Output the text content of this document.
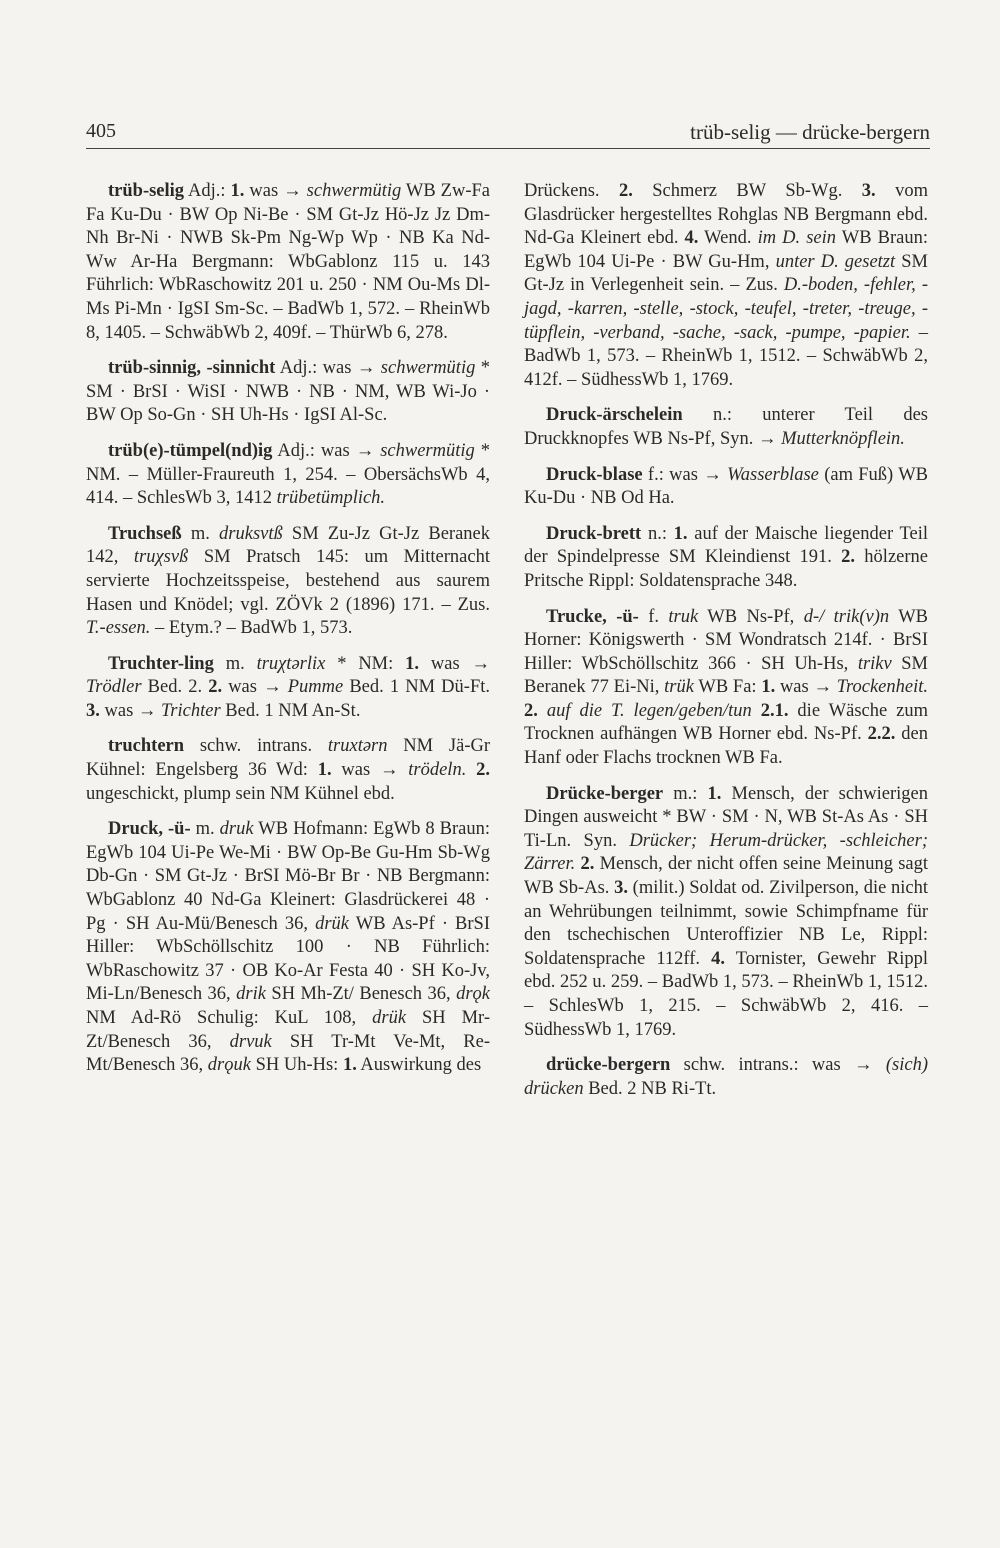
405	trüb-selig — drücke-bergern

trüb-selig Adj.: 1. was → schwermütig WB Zw-Fa Fa Ku-Du · BW Op Ni-Be · SM Gt-Jz Hö-Jz Jz Dm-Nh Br-Ni · NWB Sk-Pm Ng-Wp Wp · NB Ka Nd-Ww Ar-Ha Bergmann: WbGablonz 115 u. 143 Führlich: WbRaschowitz 201 u. 250 · NM Ou-Ms Dl-Ms Pi-Mn · IgSI Sm-Sc. – BadWb 1, 572. – RheinWb 8, 1405. – SchwäbWb 2, 409f. – ThürWb 6, 278.

trüb-sinnig, -sinnicht Adj.: was → schwermütig * SM · BrSI · WiSI · NWB · NB · NM, WB Wi-Jo · BW Op So-Gn · SH Uh-Hs · IgSI Al-Sc.

trüb(e)-tümpel(nd)ig Adj.: was → schwermütig * NM. – Müller-Fraureuth 1, 254. – ObersächsWb 4, 414. – SchlesWb 3, 1412 trübetümplich.

Truchseß m. druksvtß SM Zu-Jz Gt-Jz Beranek 142, truχsvß SM Pratsch 145: um Mitternacht servierte Hochzeitsspeise, bestehend aus saurem Hasen und Knödel; vgl. ZÖVk 2 (1896) 171. – Zus. T.-essen. – Etym.? – BadWb 1, 573.

Truchter-ling m. truχtərlix * NM: 1. was → Trödler Bed. 2. 2. was → Pumme Bed. 1 NM Dü-Ft. 3. was → Trichter Bed. 1 NM An-St.

truchtern schw. intrans. truxtərn NM Jä-Gr Kühnel: Engelsberg 36 Wd: 1. was → trödeln. 2. ungeschickt, plump sein NM Kühnel ebd.

Druck, -ü- m. druk WB Hofmann: EgWb 8 Braun: EgWb 104 Ui-Pe We-Mi · BW Op-Be Gu-Hm Sb-Wg Db-Gn · SM Gt-Jz · BrSI Mö-Br Br · NB Bergmann: WbGablonz 40 Nd-Ga Kleinert: Glasdrückerei 48 · Pg · SH Au-Mü/Benesch 36, drük WB As-Pf · BrSI Hiller: WbSchöllschitz 100 · NB Führlich: WbRaschowitz 37 · OB Ko-Ar Festa 40 · SH Ko-Jv, Mi-Ln/Benesch 36, drik SH Mh-Zt/ Benesch 36, drǫk NM Ad-Rö Schulig: KuL 108, drük SH Mr-Zt/Benesch 36, drvuk SH Tr-Mt Ve-Mt, Re-Mt/Benesch 36, drǫuk SH Uh-Hs: 1. Auswirkung des

Drückens. 2. Schmerz BW Sb-Wg. 3. vom Glasdrücker hergestelltes Rohglas NB Bergmann ebd. Nd-Ga Kleinert ebd. 4. Wend. im D. sein WB Braun: EgWb 104 Ui-Pe · BW Gu-Hm, unter D. gesetzt SM Gt-Jz in Verlegenheit sein. – Zus. D.-boden, -fehler, -jagd, -karren, -stelle, -stock, -teufel, -treter, -treuge, -tüpflein, -verband, -sache, -sack, -pumpe, -papier. – BadWb 1, 573. – RheinWb 1, 1512. – SchwäbWb 2, 412f. – SüdhessWb 1, 1769.

Druck-ärschelein n.: unterer Teil des Druckknopfes WB Ns-Pf, Syn. → Mutterknöpflein.

Druck-blase f.: was → Wasserblase (am Fuß) WB Ku-Du · NB Od Ha.

Druck-brett n.: 1. auf der Maische liegender Teil der Spindelpresse SM Kleindienst 191. 2. hölzerne Pritsche Rippl: Soldatensprache 348.

Trucke, -ü- f. truk WB Ns-Pf, d-/ trik(v)n WB Horner: Königswerth · SM Wondratsch 214f. · BrSI Hiller: WbSchöllschitz 366 · SH Uh-Hs, trikv SM Beranek 77 Ei-Ni, trük WB Fa: 1. was → Trockenheit. 2. auf die T. legen/geben/tun 2.1. die Wäsche zum Trocknen aufhängen WB Horner ebd. Ns-Pf. 2.2. den Hanf oder Flachs trocknen WB Fa.

Drücke-berger m.: 1. Mensch, der schwierigen Dingen ausweicht * BW · SM · N, WB St-As As · SH Ti-Ln. Syn. Drücker; Herum-drücker, -schleicher; Zärrer. 2. Mensch, der nicht offen seine Meinung sagt WB Sb-As. 3. (milit.) Soldat od. Zivilperson, die nicht an Wehrübungen teilnimmt, sowie Schimpfname für den tschechischen Unteroffizier NB Le, Rippl: Soldatensprache 112ff. 4. Tornister, Gewehr Rippl ebd. 252 u. 259. – BadWb 1, 573. – RheinWb 1, 1512. – SchlesWb 1, 215. – SchwäbWb 2, 416. – SüdhessWb 1, 1769.

drücke-bergern schw. intrans.: was → (sich) drücken Bed. 2 NB Ri-Tt.
